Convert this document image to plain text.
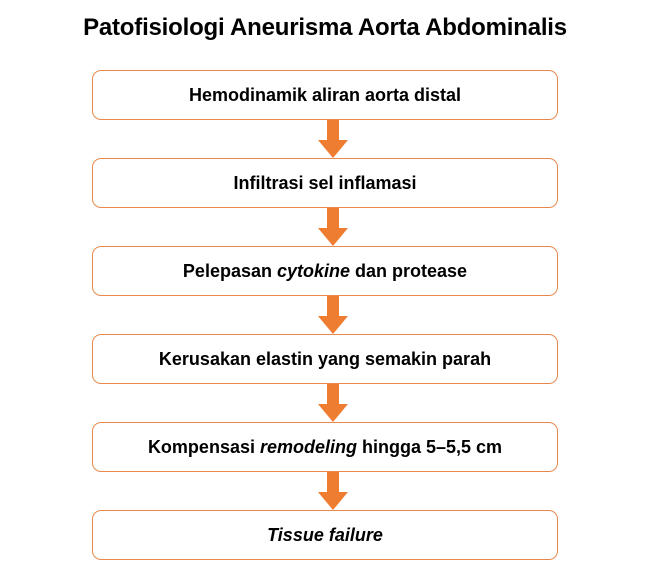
Patofisiologi Aneurisma Aorta Abdominalis
Hemodinamik aliran aorta distal
Infiltrasi sel inflamasi
Pelepasan cytokine dan protease
Kerusakan elastin yang semakin parah
Kompensasi remodeling hingga 5–5,5 cm
Tissue failure
